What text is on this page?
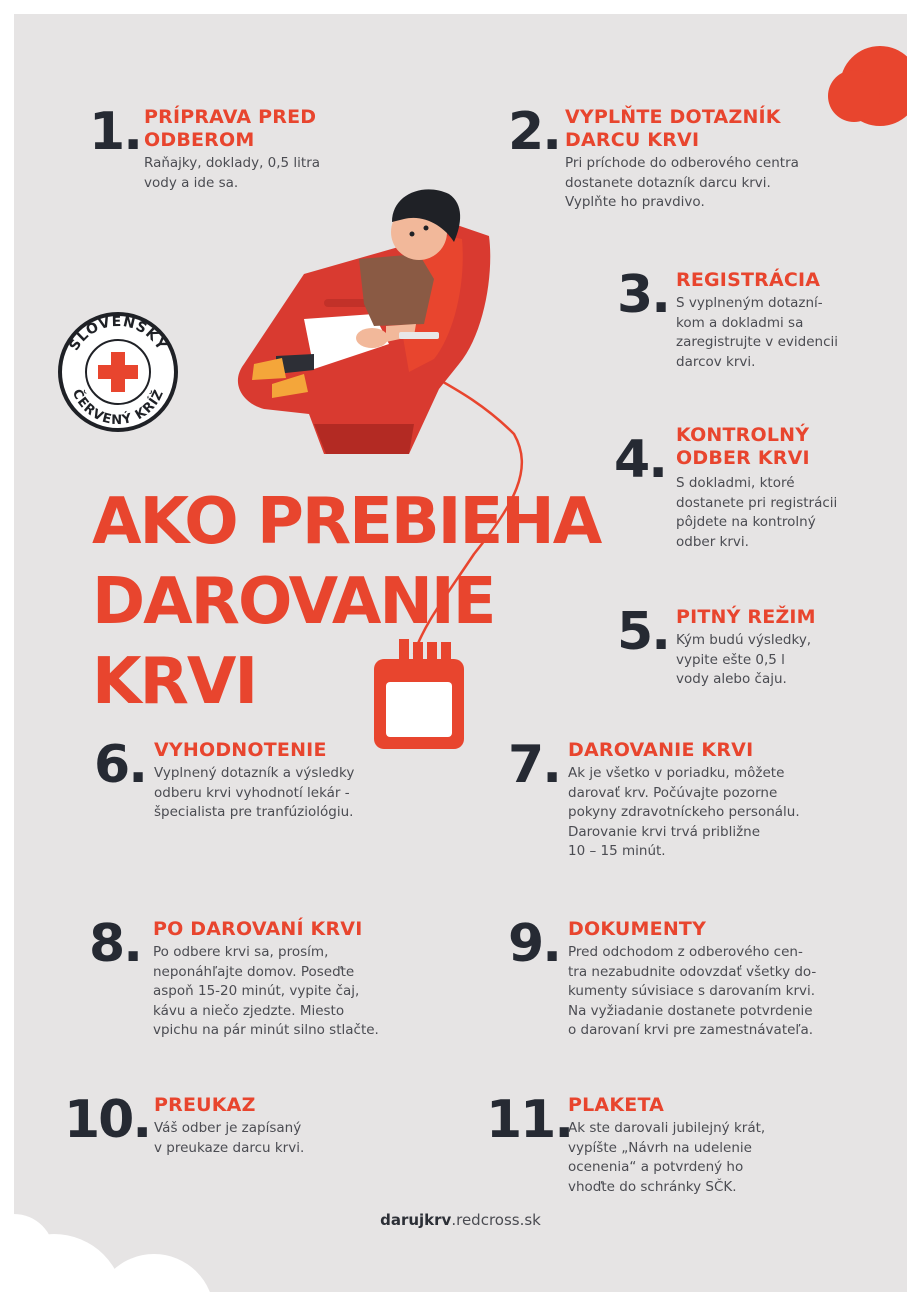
SLOVENSKÝ
ČERVENÝ KRÍŽ
AKO PREBIEHA
DAROVANIE
KRVI
1. PRÍPRAVA PRED
ODBEROM
Raňajky, doklady, 0,5 litra
vody a ide sa.
2. VYPLŇTE DOTAZNÍK
DARCU KRVI
Pri príchode do odberového centra
dostanete dotazník darcu krvi.
Vyplňte ho pravdivo.
3. REGISTRÁCIA
S vyplneným dotazní-
kom a dokladmi sa
zaregistrujte v evidencii
darcov krvi.
4. KONTROLNÝ
ODBER KRVI
S dokladmi, ktoré
dostanete pri registrácii
pôjdete na kontrolný
odber krvi.
5. PITNÝ REŽIM
Kým budú výsledky,
vypite ešte 0,5 l
vody alebo čaju.
6. VYHODNOTENIE
Vyplnený dotazník a výsledky
odberu krvi vyhodnotí lekár -
špecialista pre tranfúziológiu.
7. DAROVANIE KRVI
Ak je všetko v poriadku, môžete
darovať krv. Počúvajte pozorne
pokyny zdravotníckeho personálu.
Darovanie krvi trvá približne
10 – 15 minút.
8. PO DAROVANÍ KRVI
Po odbere krvi sa, prosím,
neponáhľajte domov. Poseďte
aspoň 15-20 minút, vypite čaj,
kávu a niečo zjedzte. Miesto
vpichu na pár minút silno stlačte.
9. DOKUMENTY
Pred odchodom z odberového cen-
tra nezabudnite odovzdať všetky do-
kumenty súvisiace s darovaním krvi.
Na vyžiadanie dostanete potvrdenie
o darovaní krvi pre zamestnávateľa.
10. PREUKAZ
Váš odber je zapísaný
v preukaze darcu krvi.	11.
PLAKETA
Ak ste darovali jubilejný krát,
vypíšte „Návrh na udelenie
ocenenia“ a potvrdený ho
vhoďte do schránky SČK.
darujkrv.redcross.sk
